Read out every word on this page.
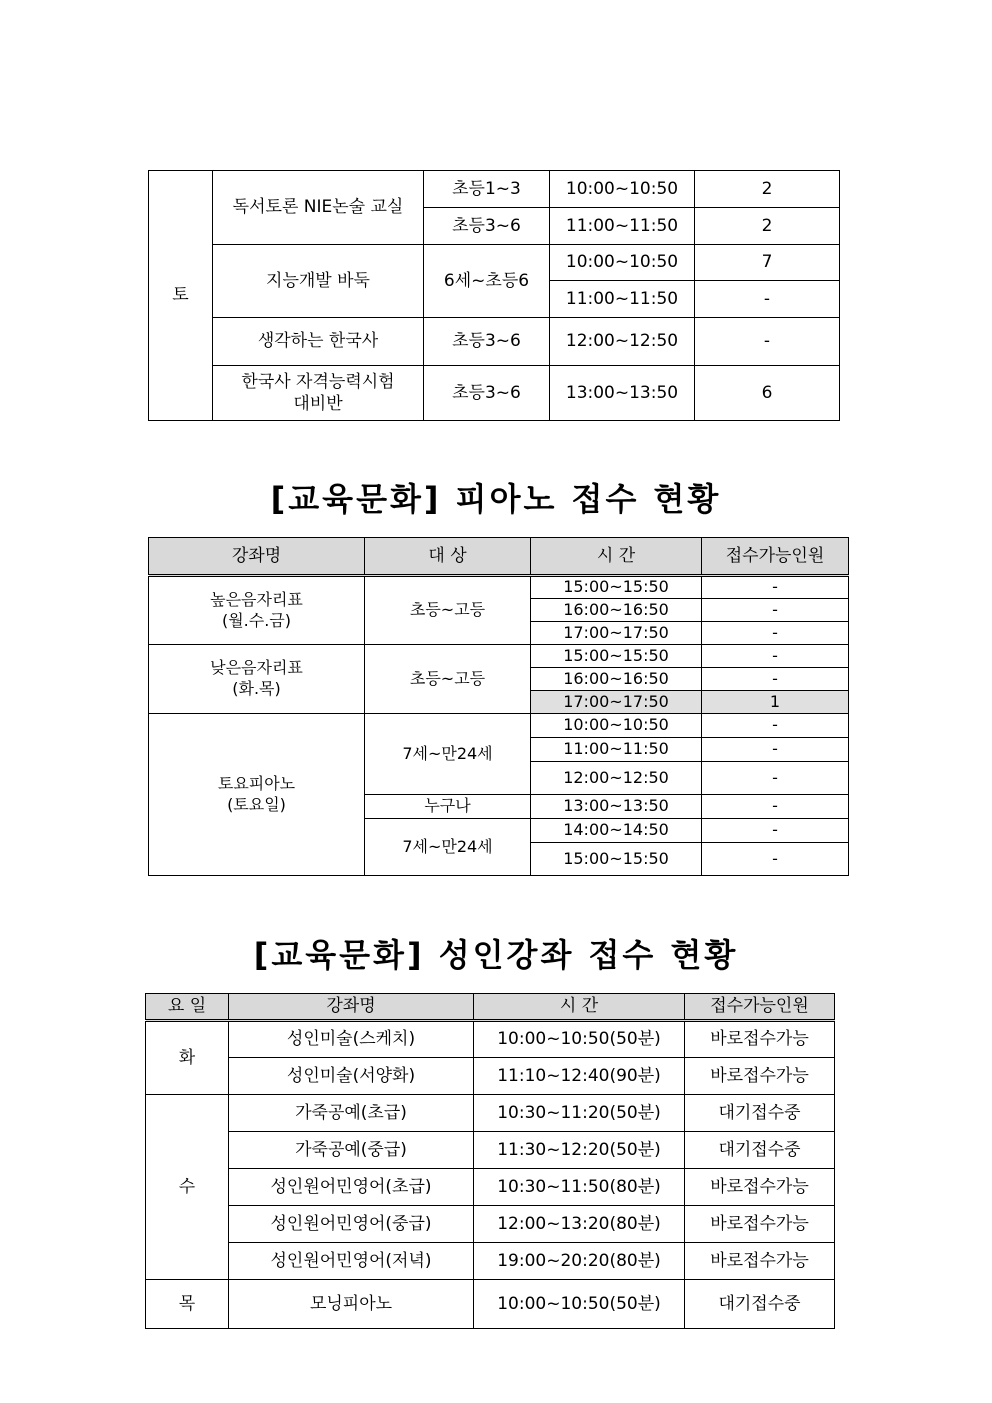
토	독서토론 NIE논술 교실	초등1~3	10:00~10:50	2
		초등3~6	11:00~11:50	2
	지능개발 바둑	6세~초등6	10:00~10:50	7
			11:00~11:50	-
	생각하는 한국사	초등3~6	12:00~12:50	-

	한국사 자격능력시험
대비반	초등3~6	13:00~13:50	6
[교육문화] 피아노 접수 현황
강좌명	대 상	시 간	접수가능인원

높은음자리표
(월.수.금)	초등~고등	15:00~15:50	-
		16:00~16:50	-
		17:00~17:50	-

낮은음자리표
(화.목)	초등~고등	15:00~15:50	-
		16:00~16:50	-
		17:00~17:50	1

토요피아노
(토요일)	7세~만24세	10:00~10:50	-
		11:00~11:50	-
		12:00~12:50	-
	누구나	13:00~13:50	-
	7세~만24세	14:00~14:50	-
		15:00~15:50	-
[교육문화] 성인강좌 접수 현황
요 일	강좌명	시 간	접수가능인원
화	성인미술(스케치)	10:00~10:50(50분)	바로접수가능
	성인미술(서양화)	11:10~12:40(90분)	바로접수가능
수	가죽공예(초급)	10:30~11:20(50분)	대기접수중
	가죽공예(중급)	11:30~12:20(50분)	대기접수중
	성인원어민영어(초급)	10:30~11:50(80분)	바로접수가능
	성인원어민영어(중급)	12:00~13:20(80분)	바로접수가능
	성인원어민영어(저녁)	19:00~20:20(80분)	바로접수가능
목	모닝피아노	10:00~10:50(50분)	대기접수중
